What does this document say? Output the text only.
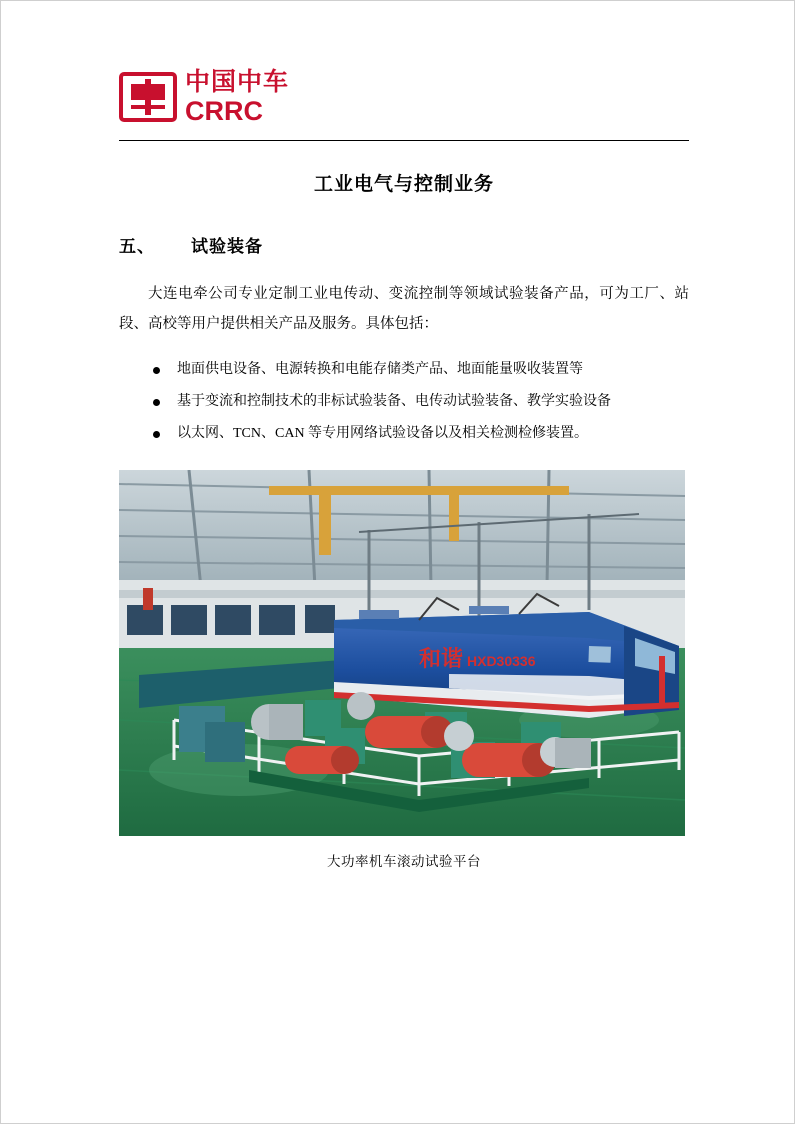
中国中车
CRRC
工业电气与控制业务
五、 试验装备

大连电牵公司专业定制工业电传动、变流控制等领域试验装备产品，可为工厂、站段、高校等用户提供相关产品及服务。具体包括：

地面供电设备、电源转换和电能存储类产品、地面能量吸收装置等
基于变流和控制技术的非标试验装备、电传动试验装备、教学实验设备
以太网、TCN、CAN 等专用网络试验设备以及相关检测检修装置。
和谐 HXD30336
大功率机车滚动试验平台
